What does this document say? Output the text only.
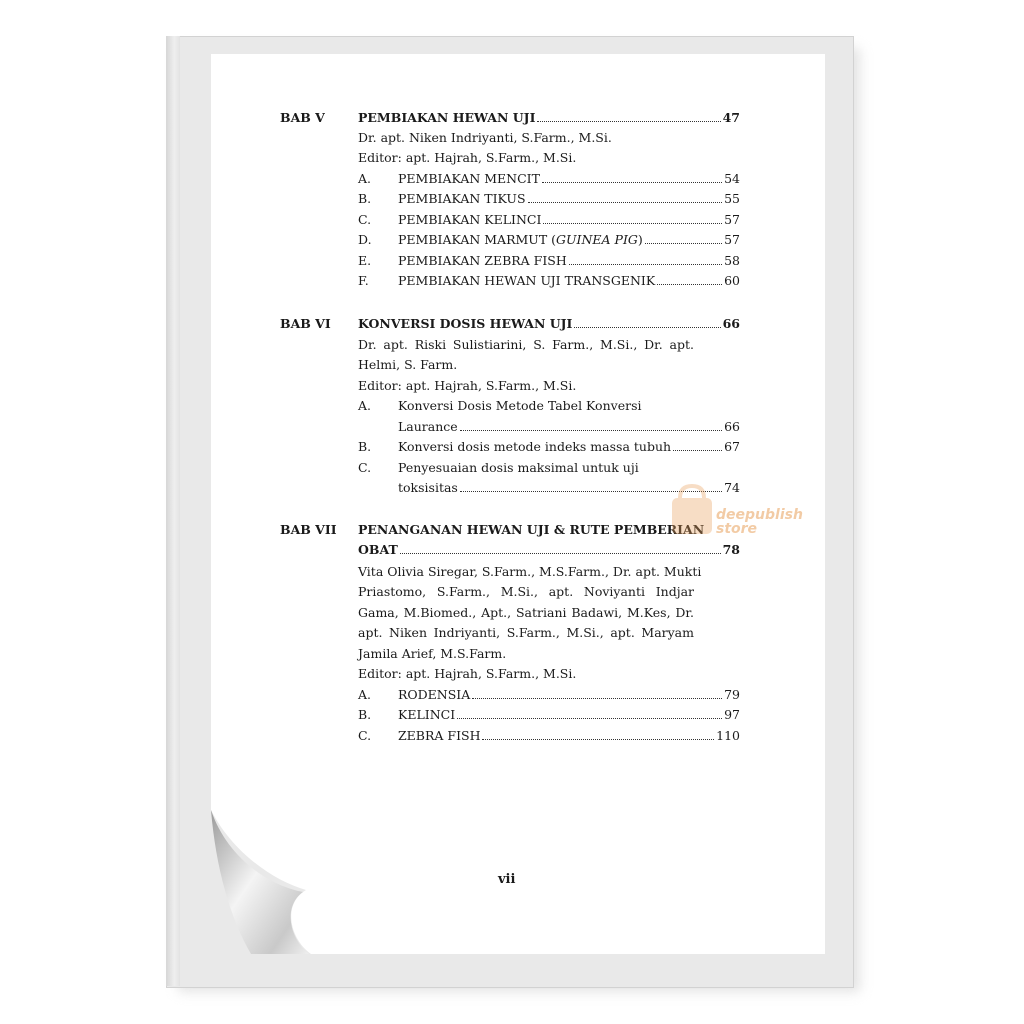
BAB V	PEMBIAKAN HEWAN UJI	47
Dr. apt. Niken Indriyanti, S.Farm., M.Si.
Editor: apt. Hajrah, S.Farm., M.Si.
A. PEMBIAKAN MENCIT	54
B. PEMBIAKAN TIKUS	55
C. PEMBIAKAN KELINCI	57
D. PEMBIAKAN MARMUT (GUINEA PIG)	57
E. PEMBIAKAN ZEBRA FISH	58
F. PEMBIAKAN HEWAN UJI TRANSGENIK	60
BAB VI KONVERSI DOSIS HEWAN UJI	66
Dr. apt. Riski Sulistiarini, S. Farm., M.Si., Dr. apt.
Helmi, S. Farm.
Editor: apt. Hajrah, S.Farm., M.Si.
A. Konversi Dosis Metode Tabel Konversi
Laurance	66
B. Konversi dosis metode indeks massa tubuh	67
C. Penyesuaian dosis maksimal untuk uji
toksisitas	74
BAB VII PENANGANAN HEWAN UJI & RUTE PEMBERIAN
OBAT	78
Vita Olivia Siregar, S.Farm., M.S.Farm., Dr. apt. Mukti
Priastomo, S.Farm., M.Si., apt. Noviyanti Indjar
Gama, M.Biomed., Apt., Satriani Badawi, M.Kes, Dr.
apt. Niken Indriyanti, S.Farm., M.Si., apt. Maryam
Jamila Arief, M.S.Farm.
Editor: apt. Hajrah, S.Farm., M.Si.
A. RODENSIA	79
B. KELINCI	97
C. ZEBRA FISH	110
deepublish
store
vii
